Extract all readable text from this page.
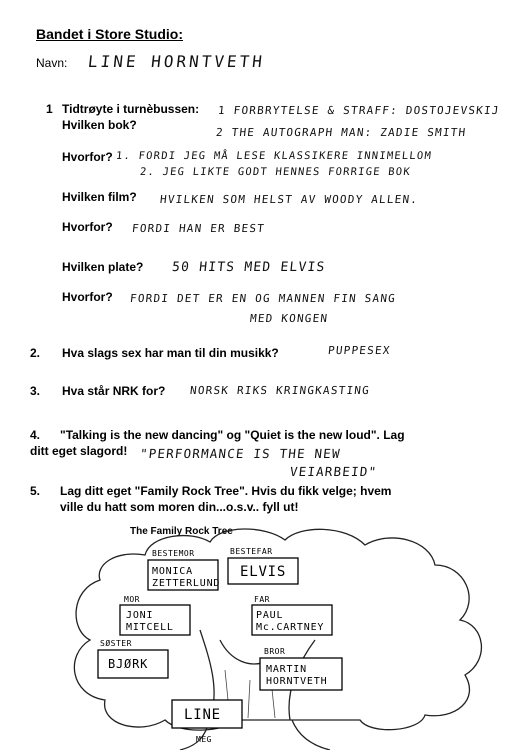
Bandet i Store Studio:
Navn: LINE HORNTVETH
1 Tidtrøyte i turnèbussen:
Hvilken bok?
1 FORBRYTELSE & STRAFF: DOSTOJEVSKIJ
2 THE AUTOGRAPH MAN: ZADIE SMITH
Hvorfor? 1. FORDI JEG MÅ LESE KLASSIKERE INNIMELLOM
2. JEG LIKTE GODT HENNES FORRIGE BOK
Hvilken film? HVILKEN SOM HELST AV WOODY ALLEN.
Hvorfor? FORDI HAN ER BEST
Hvilken plate? 50 HITS MED ELVIS
Hvorfor? FORDI DET ER EN OG MANNEN FIN SANG
MED KONGEN
2. Hva slags sex har man til din musikk?	PUPPESEX
3. Hva står NRK for? NORSK RIKS KRINGKASTING
4. "Talking is the new dancing" og "Quiet is the new loud". Lag
ditt eget slagord! "PERFORMANCE IS THE NEW
VEIARBEID"
5. Lag ditt eget "Family Rock Tree". Hvis du fikk velge; hvem
ville du hatt som moren din...o.s.v.. fyll ut!
The Family Rock Tree
BESTEMOR
MONICA
ZETTERLUND
BESTEFAR
ELVIS
MOR
JONI
MITCELL
FAR
PAUL
Mc.CARTNEY
SØSTER
BJØRK
BROR
MARTIN
HORNTVETH
LINE
MEG
